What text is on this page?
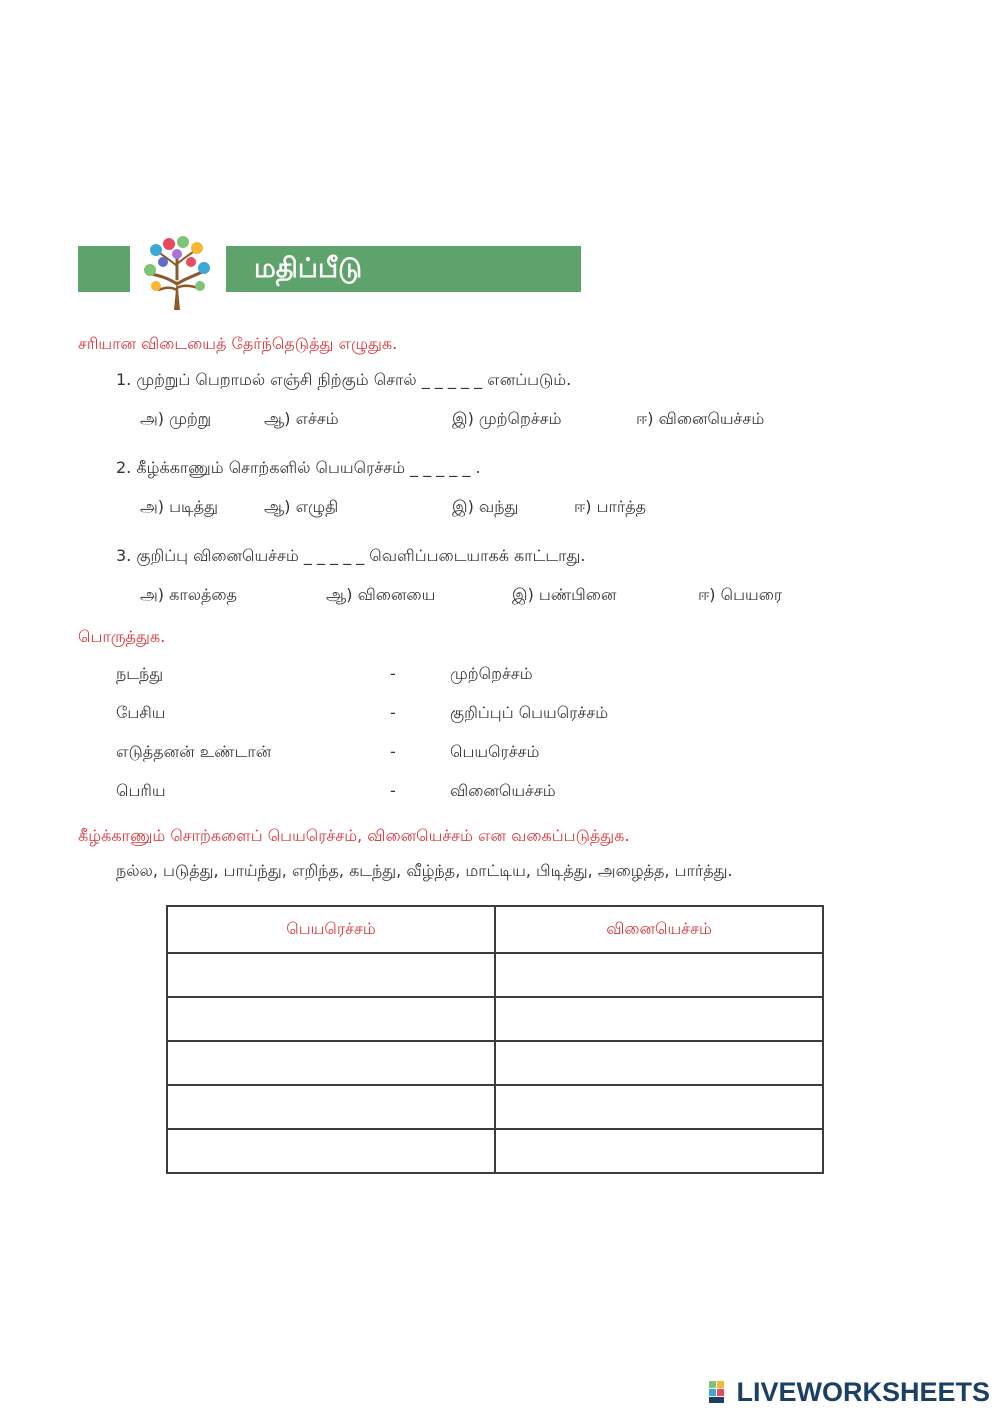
மதிப்பீடு
சரியான விடையைத் தேர்ந்தெடுத்து எழுதுக.
1. முற்றுப் பெறாமல் எஞ்சி நிற்கும் சொல் _ _ _ _ _ எனப்படும்.
அ) முற்று	ஆ) எச்சம்	இ) முற்றெச்சம்	ஈ) வினையெச்சம்
2. கீழ்க்காணும் சொற்களில் பெயரெச்சம் _ _ _ _ _ .
அ) படித்து	ஆ) எழுதி	இ) வந்து	ஈ) பார்த்த
3. குறிப்பு வினையெச்சம் _ _ _ _ _ வெளிப்படையாகக் காட்டாது.
அ) காலத்தை	ஆ) வினையை	இ) பண்பினை	ஈ) பெயரை
பொருத்துக.
நடந்து	-	முற்றெச்சம்
பேசிய	-	குறிப்புப் பெயரெச்சம்
எடுத்தனன் உண்டான்	-	பெயரெச்சம்
பெரிய	-	வினையெச்சம்
கீழ்க்காணும் சொற்களைப் பெயரெச்சம், வினையெச்சம் என வகைப்படுத்துக.
நல்ல, படுத்து, பாய்ந்து, எறிந்த, கடந்து, வீழ்ந்த, மாட்டிய, பிடித்து, அழைத்த, பார்த்து.
பெயரெச்சம்	வினையெச்சம்

LIVEWORKSHEETS
